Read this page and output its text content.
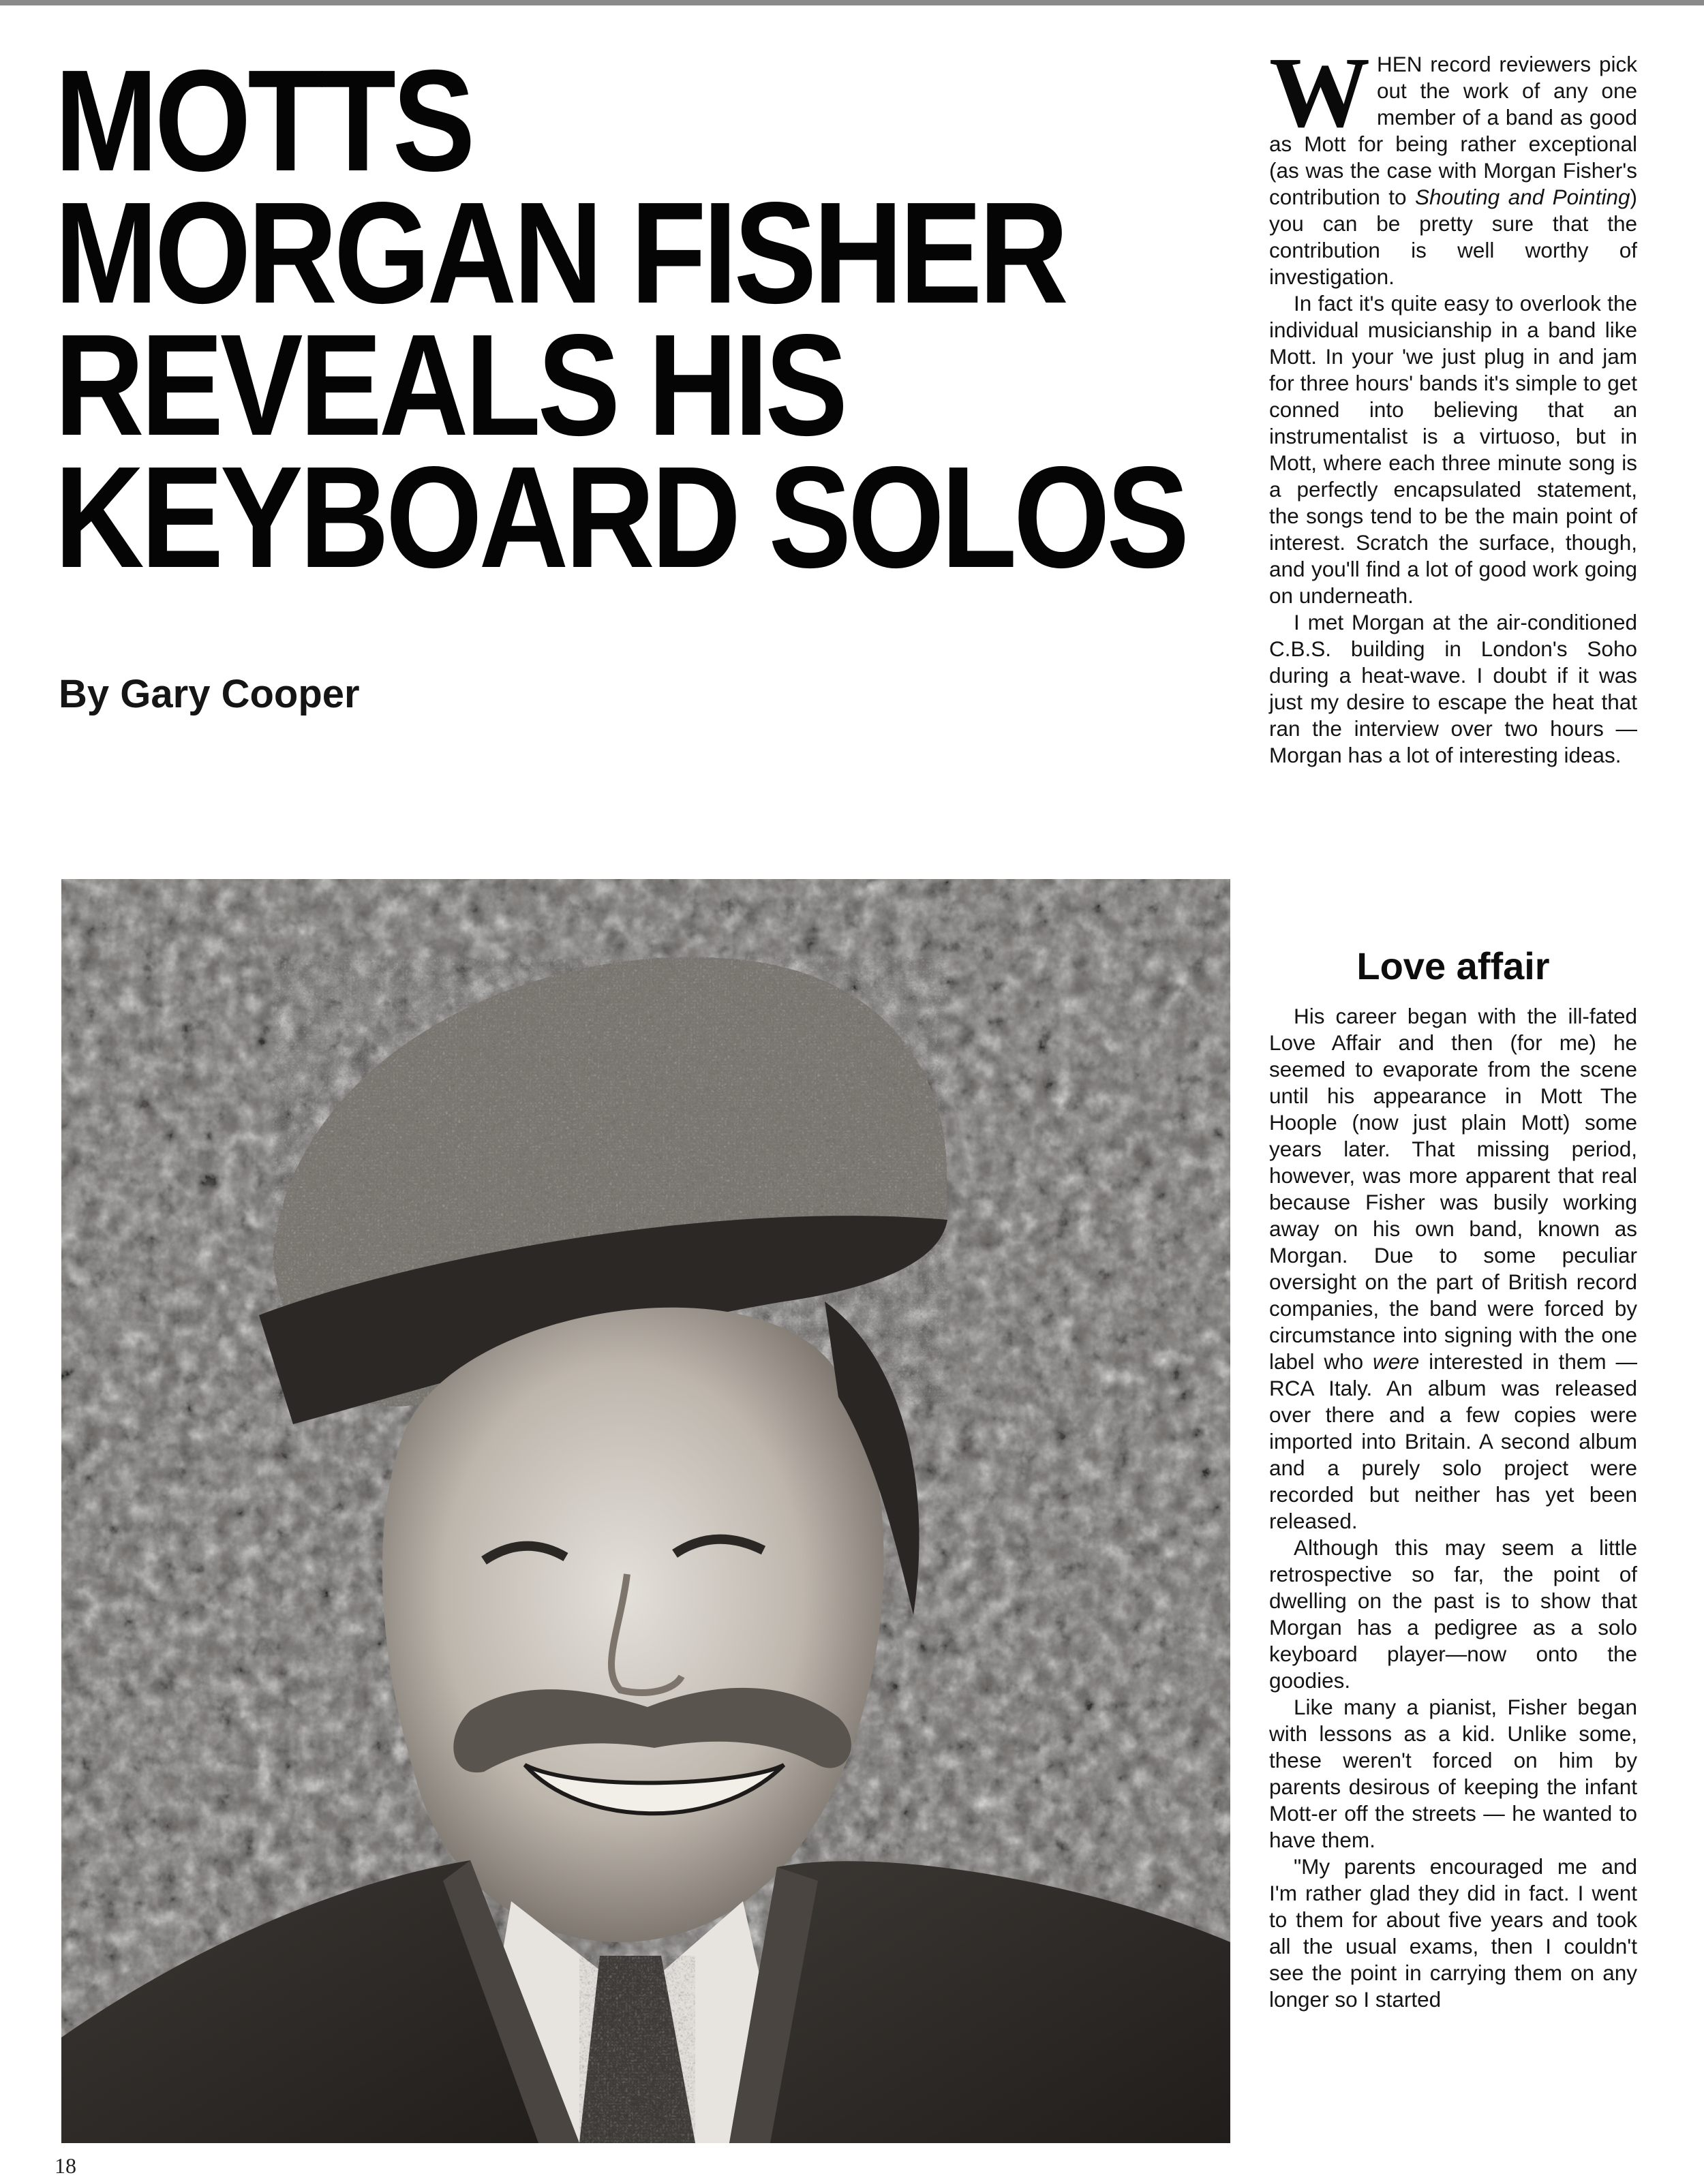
MOTTS
MORGAN FISHER
REVEALS HIS
KEYBOARD SOLOS
By Gary Cooper

WHEN record reviewers pick out the work of any one member of a band as good as Mott for being rather exceptional (as was the case with Morgan Fisher's contribution to Shouting and Pointing) you can be pretty sure that the contribution is well worthy of investigation.

In fact it's quite easy to overlook the individual musicianship in a band like Mott. In your 'we just plug in and jam for three hours' bands it's simple to get conned into believing that an instrumentalist is a virtuoso, but in Mott, where each three minute song is a perfectly encapsulated statement, the songs tend to be the main point of interest. Scratch the surface, though, and you'll find a lot of good work going on underneath.

I met Morgan at the air-conditioned C.B.S. building in London's Soho during a heat-wave. I doubt if it was just my desire to escape the heat that ran the interview over two hours — Morgan has a lot of interesting ideas.

Love affair

His career began with the ill-fated Love Affair and then (for me) he seemed to evaporate from the scene until his appearance in Mott The Hoople (now just plain Mott) some years later. That missing period, however, was more apparent that real because Fisher was busily working away on his own band, known as Morgan. Due to some peculiar oversight on the part of British record companies, the band were forced by circumstance into signing with the one label who were interested in them — RCA Italy. An album was released over there and a few copies were imported into Britain. A second album and a purely solo project were recorded but neither has yet been released.

Although this may seem a little retrospective so far, the point of dwelling on the past is to show that Morgan has a pedigree as a solo keyboard player—now onto the goodies.

Like many a pianist, Fisher began with lessons as a kid. Unlike some, these weren't forced on him by parents desirous of keeping the infant Mott-er off the streets — he wanted to have them.

"My parents encouraged me and I'm rather glad they did in fact. I went to them for about five years and took all the usual exams, then I couldn't see the point in carrying them on any longer so I started

18
